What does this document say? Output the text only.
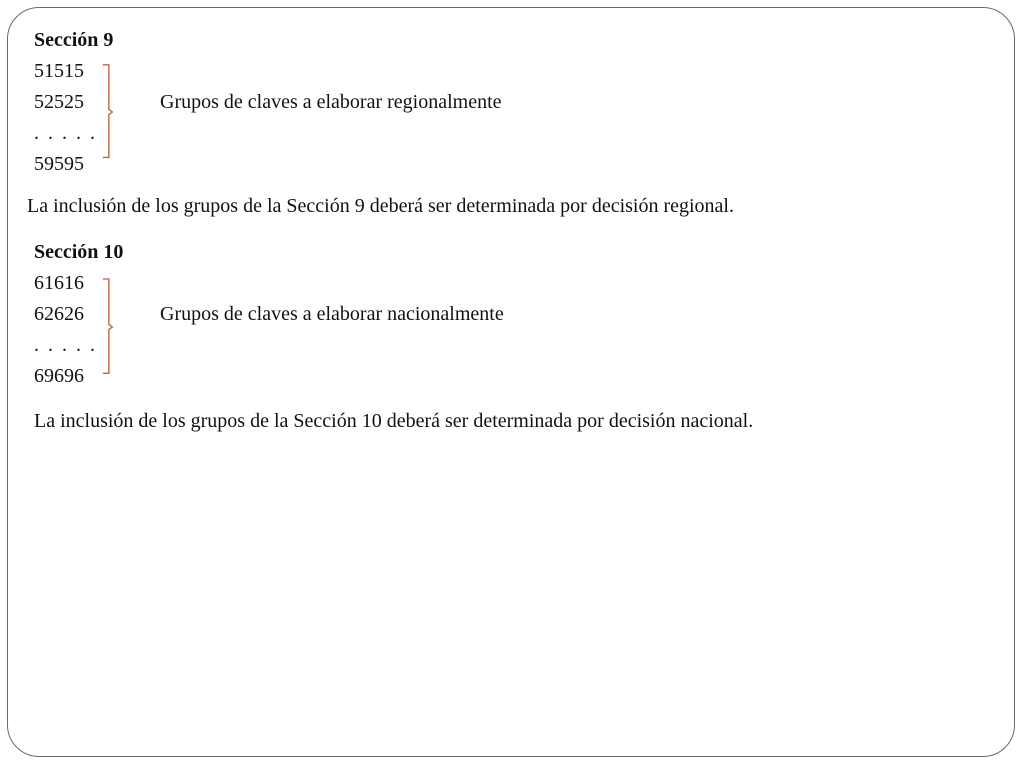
Sección 9
51515
52525
. . . . .
59595
Grupos de claves a elaborar regionalmente
La inclusión de los grupos de la Sección 9 deberá ser determinada por decisión regional.
Sección 10
61616
62626
. . . . .
69696
Grupos de claves a elaborar nacionalmente
La inclusión de los grupos de la Sección 10 deberá ser determinada por decisión nacional.
